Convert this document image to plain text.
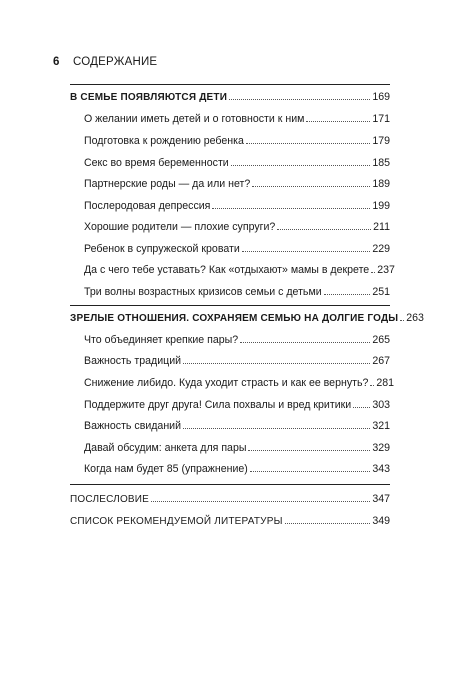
6 СОДЕРЖАНИЕ
В СЕМЬЕ ПОЯВЛЯЮТСЯ ДЕТИ	169
О желании иметь детей и о готовности к ним	171
Подготовка к рождению ребенка	179
Секс во время беременности	185
Партнерские роды — да или нет?	189
Послеродовая депрессия	199
Хорошие родители — плохие супруги?	211
Ребенок в супружеской кровати	229
Да с чего тебе уставать? Как «отдыхают» мамы в декрете 237
Три волны возрастных кризисов семьи с детьми	251
ЗРЕЛЫЕ ОТНОШЕНИЯ. СОХРАНЯЕМ СЕМЬЮ НА ДОЛГИЕ ГОДЫ 263
Что объединяет крепкие пары?	265
Важность традиций	267
Снижение либидо. Куда уходит страсть и как ее вернуть? 281
Поддержите друг друга! Сила похвалы и вред критики 303
Важность свиданий	321
Давай обсудим: анкета для пары	329
Когда нам будет 85 (упражнение)	343
ПОСЛЕСЛОВИЕ	347
СПИСОК РЕКОМЕНДУЕМОЙ ЛИТЕРАТУРЫ	349
